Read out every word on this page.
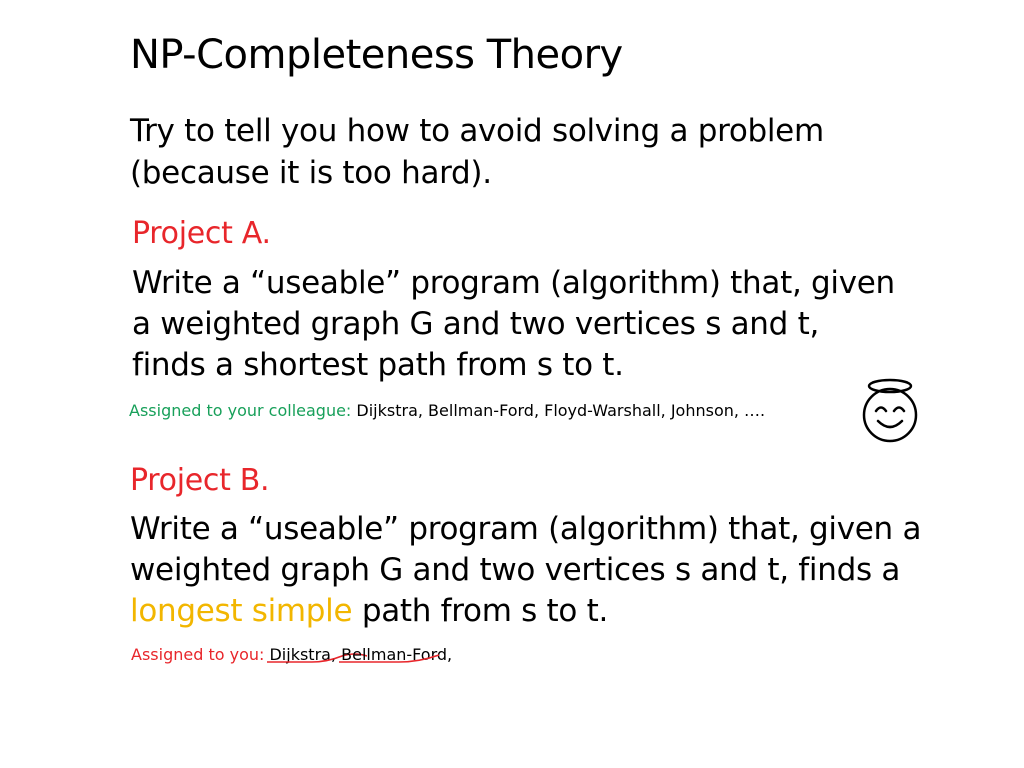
NP-Completeness Theory
Try to tell you how to avoid solving a problem
(because it is too hard).
Project A.
Write a “useable” program (algorithm) that, given
a weighted graph G and two vertices s and t,
finds a shortest path from s to t.
Assigned to your colleague: Dijkstra, Bellman-Ford, Floyd-Warshall, Johnson, ….
Project B.
Write a “useable” program (algorithm) that, given a
weighted graph G and two vertices s and t, finds a
longest simple path from s to t.
Assigned to you: Dijkstra, Bellman-Ford
,
